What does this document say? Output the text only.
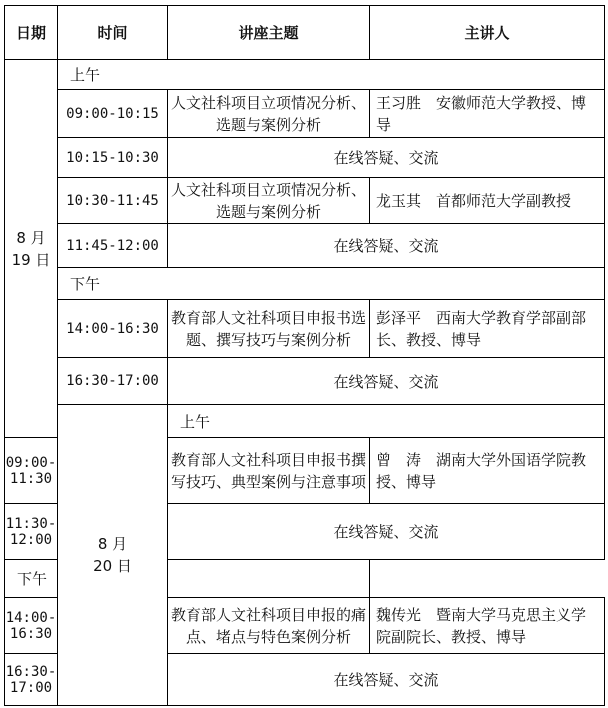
日期	时间	讲座主题	主讲人

8 月
19 日	上午		
	09:00-10:15	人文社科项目立项情况分析、选题与案例分析	王习胜　安徽师范大学教授、博导
	10:15-10:30	在线答疑、交流	
	10:30-11:45	人文社科项目立项情况分析、选题与案例分析	龙玉其　首都师范大学副教授
	11:45-12:00	在线答疑、交流	
	下午		
	14:00-16:30	教育部人文社科项目申报书选题、撰写技巧与案例分析	彭泽平　西南大学教育学部副部长、教授、博导
	16:30-17:00	在线答疑、交流	

	8 月
20 日	上午	
09:00-11:30		教育部人文社科项目申报书撰写技巧、典型案例与注意事项	曾　涛　湖南大学外国语学院教授、博导
11:30-12:00		在线答疑、交流	
下午			
14:00-16:30		教育部人文社科项目申报的痛点、堵点与特色案例分析	魏传光　暨南大学马克思主义学院副院长、教授、博导
16:30-17:00		在线答疑、交流	
